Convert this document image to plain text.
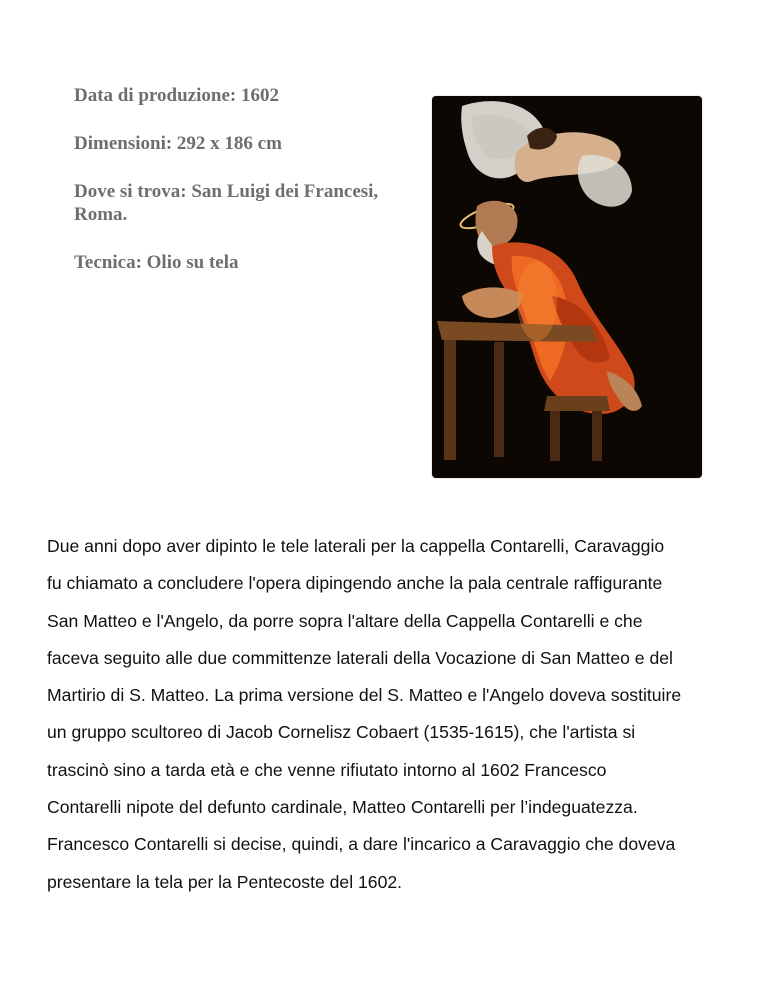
Data di produzione: 1602
Dimensioni: 292 x 186 cm
Dove si trova: San Luigi dei Francesi, Roma.
Tecnica: Olio su tela
Due anni dopo aver dipinto le tele laterali per la cappella Contarelli, Caravaggio
fu chiamato a concludere l'opera dipingendo anche la pala centrale raffigurante
San Matteo e l'Angelo, da porre sopra l'altare della Cappella Contarelli e che
faceva seguito alle due committenze laterali della Vocazione di San Matteo e del
Martirio di S. Matteo. La prima versione del S. Matteo e l'Angelo doveva sostituire
un gruppo scultoreo di Jacob Cornelisz Cobaert (1535-1615), che l'artista si
trascinò sino a tarda età e che venne rifiutato intorno al 1602 Francesco
Contarelli nipote del defunto cardinale, Matteo Contarelli per l’indeguatezza.
Francesco Contarelli si decise, quindi, a dare l'incarico a Caravaggio che doveva
presentare la tela per la Pentecoste del 1602.
